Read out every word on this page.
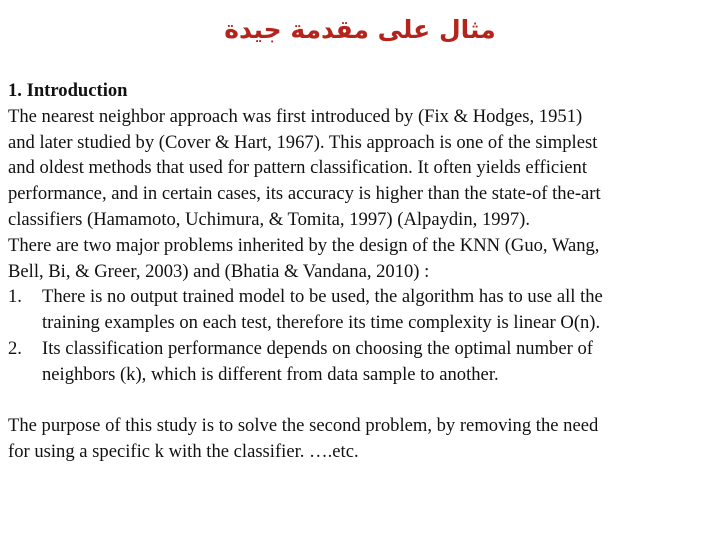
مثال على مقدمة جيدة
1. Introduction
The nearest neighbor approach was first introduced by (Fix & Hodges, 1951)
and later studied by (Cover & Hart, 1967). This approach is one of the simplest
and oldest methods that used for pattern classification. It often yields efficient
performance, and in certain cases, its accuracy is higher than the state-of the-art
classifiers (Hamamoto, Uchimura, & Tomita, 1997) (Alpaydin, 1997).
There are two major problems inherited by the design of the KNN (Guo, Wang,
Bell, Bi, & Greer, 2003) and (Bhatia & Vandana, 2010) :
1.	There is no output trained model to be used, the algorithm has to use all the
training examples on each test, therefore its time complexity is linear O(n).
2.	Its classification performance depends on choosing the optimal number of
neighbors (k), which is different from data sample to another.
The purpose of this study is to solve the second problem, by removing the need
for using a specific k with the classifier. ….etc.
